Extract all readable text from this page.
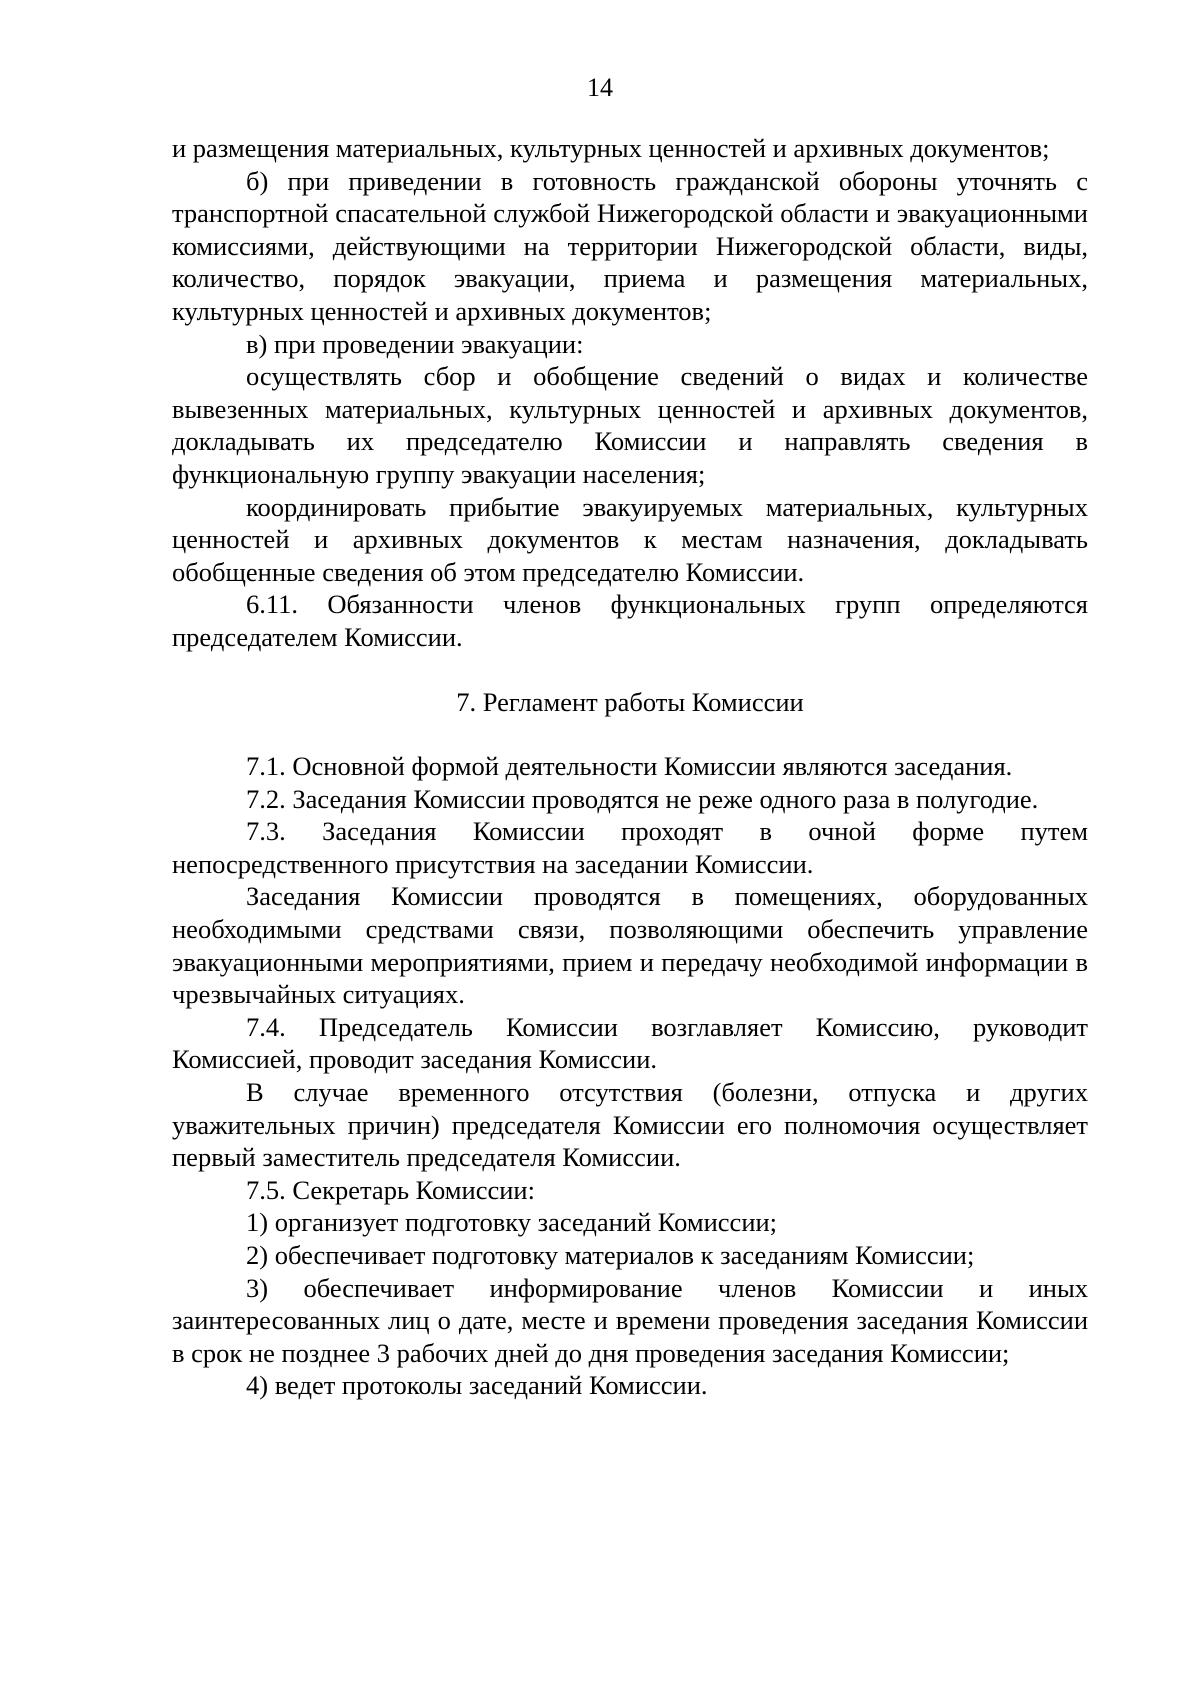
14

и размещения материальных, культурных ценностей и архивных документов;

б) при приведении в готовность гражданской обороны уточнять с транспортной спасательной службой Нижегородской области и эвакуационными комиссиями, действующими на территории Нижегородской области, виды, количество, порядок эвакуации, приема и размещения материальных, культурных ценностей и архивных документов;

в) при проведении эвакуации:

осуществлять сбор и обобщение сведений о видах и количестве вывезенных материальных, культурных ценностей и архивных документов, докладывать их председателю Комиссии и направлять сведения в функциональную группу эвакуации населения;

координировать прибытие эвакуируемых материальных, культурных ценностей и архивных документов к местам назначения, докладывать обобщенные сведения об этом председателю Комиссии.

6.11. Обязанности членов функциональных групп определяются председателем Комиссии.

7. Регламент работы Комиссии

7.1. Основной формой деятельности Комиссии являются заседания.

7.2. Заседания Комиссии проводятся не реже одного раза в полугодие.

7.3. Заседания Комиссии проходят в очной форме путем непосредственного присутствия на заседании Комиссии.

Заседания Комиссии проводятся в помещениях, оборудованных необходимыми средствами связи, позволяющими обеспечить управление эвакуационными мероприятиями, прием и передачу необходимой информации в чрезвычайных ситуациях.

7.4. Председатель Комиссии возглавляет Комиссию, руководит Комиссией, проводит заседания Комиссии.

В случае временного отсутствия (болезни, отпуска и других уважительных причин) председателя Комиссии его полномочия осуществляет первый заместитель председателя Комиссии.

7.5. Секретарь Комиссии:

1) организует подготовку заседаний Комиссии;

2) обеспечивает подготовку материалов к заседаниям Комиссии;

3) обеспечивает информирование членов Комиссии и иных заинтересованных лиц о дате, месте и времени проведения заседания Комиссии в срок не позднее 3 рабочих дней до дня проведения заседания Комиссии;

4) ведет протоколы заседаний Комиссии.
